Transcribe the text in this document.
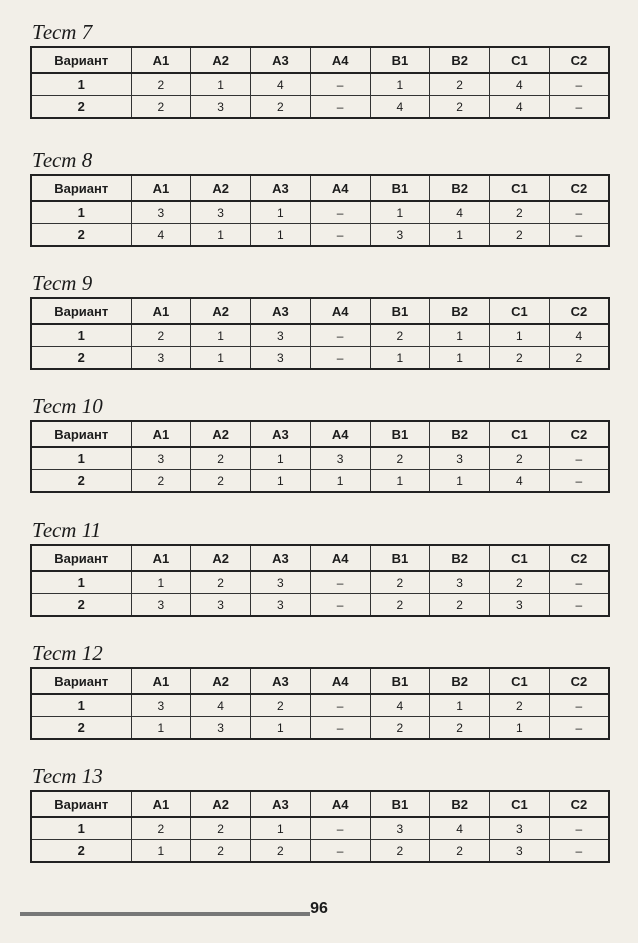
Тест 7
Вариант	A1	A2	A3	A4	B1	B2	C1	C2
1	2	1	4	–	1	2	4	–
2	2	3	2	–	4	2	4	–
Тест 8
Вариант	A1	A2	A3	A4	B1	B2	C1	C2
1	3	3	1	–	1	4	2	–
2	4	1	1	–	3	1	2	–
Тест 9
Вариант	A1	A2	A3	A4	B1	B2	C1	C2
1	2	1	3	–	2	1	1	4
2	3	1	3	–	1	1	2	2
Тест 10
Вариант	A1	A2	A3	A4	B1	B2	C1	C2
1	3	2	1	3	2	3	2	–
2	2	2	1	1	1	1	4	–
Тест 11
Вариант	A1	A2	A3	A4	B1	B2	C1	C2
1	1	2	3	–	2	3	2	–
2	3	3	3	–	2	2	3	–
Тест 12
Вариант	A1	A2	A3	A4	B1	B2	C1	C2
1	3	4	2	–	4	1	2	–
2	1	3	1	–	2	2	1	–
Тест 13
Вариант	A1	A2	A3	A4	B1	B2	C1	C2
1	2	2	1	–	3	4	3	–
2	1	2	2	–	2	2	3	–
96
